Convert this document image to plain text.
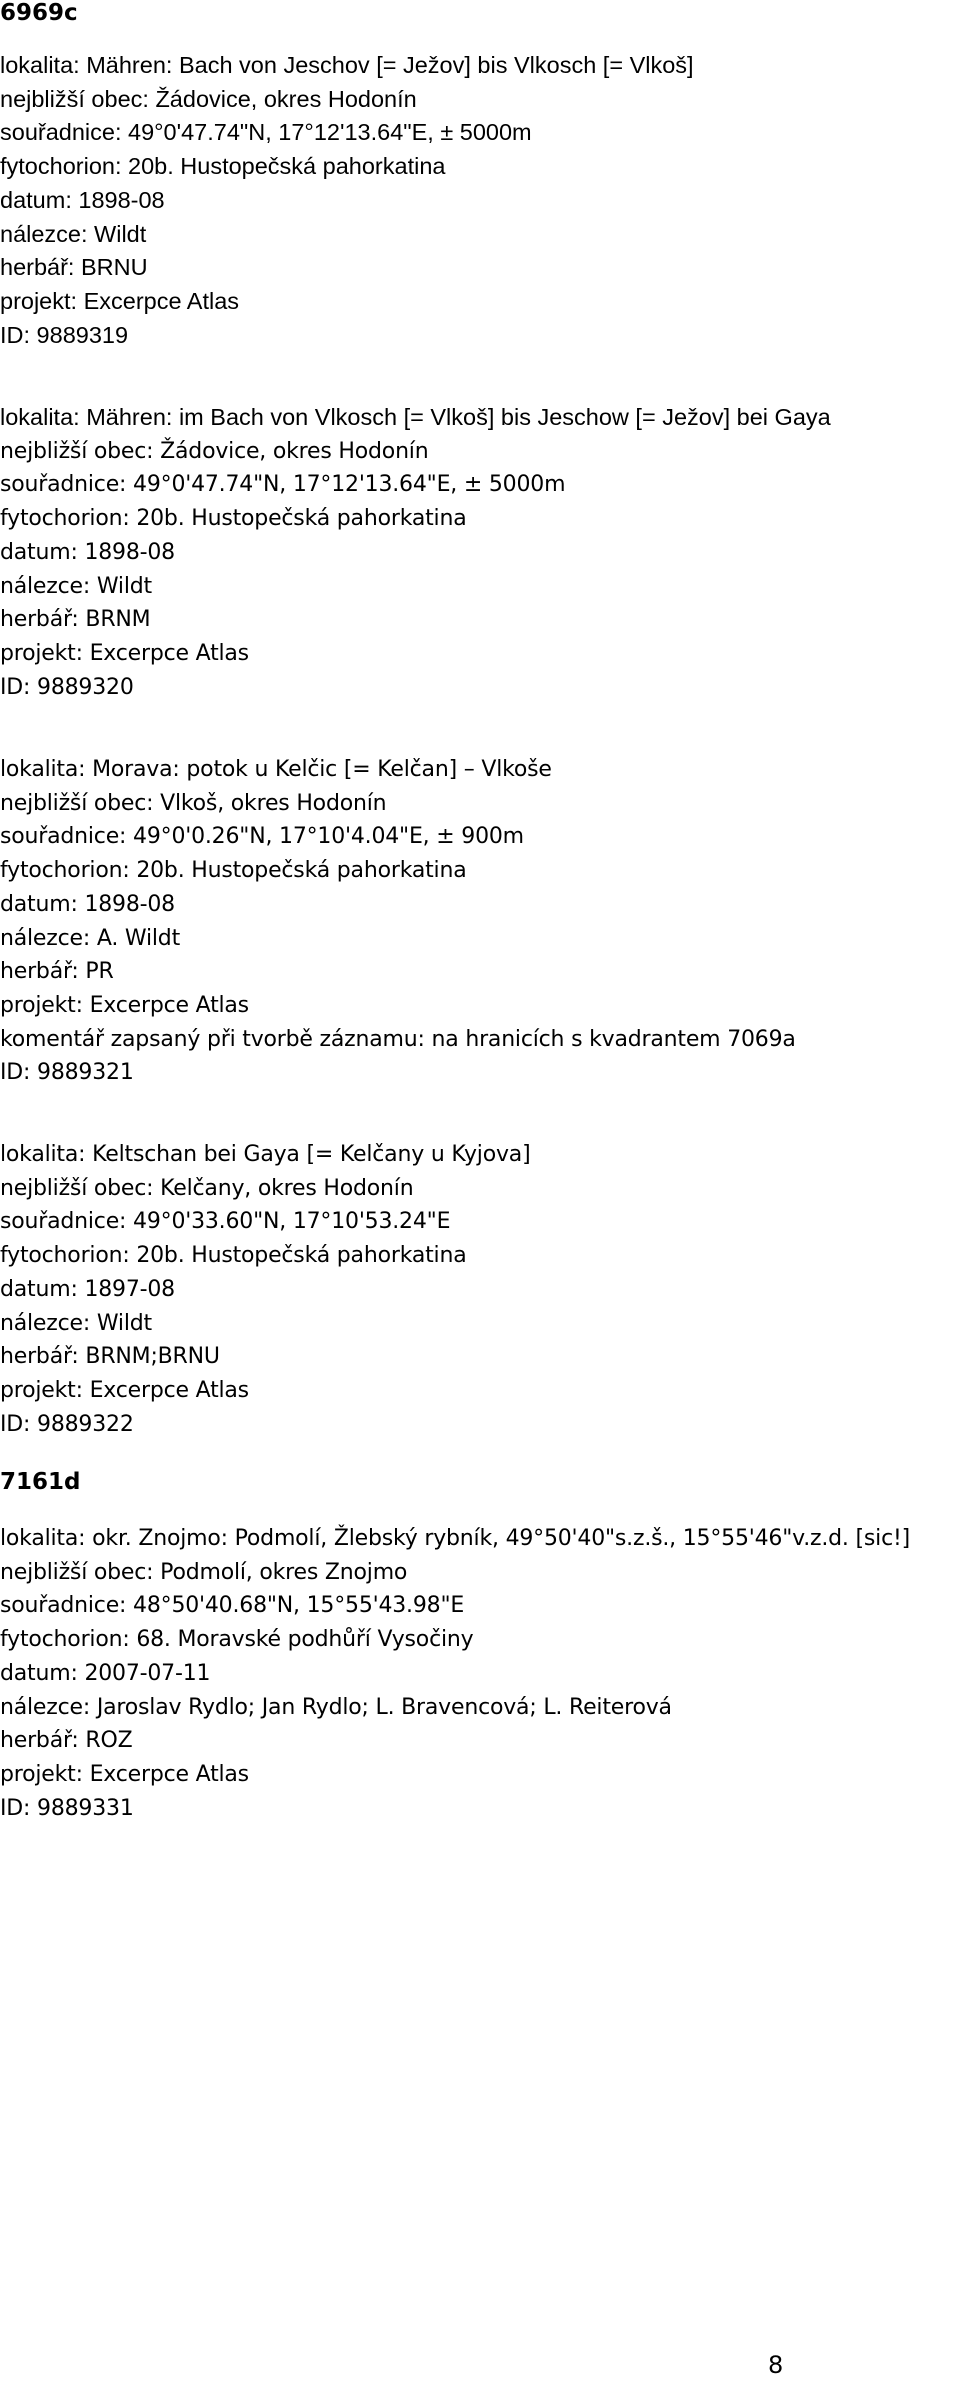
6969c
lokalita: Mähren: Bach von Jeschov [= Ježov] bis Vlkosch [= Vlkoš]
nejbližší obec: Žádovice, okres Hodonín
souřadnice: 49°0'47.74"N, 17°12'13.64"E, ± 5000m
fytochorion: 20b. Hustopečská pahorkatina
datum: 1898-08
nálezce: Wildt
herbář: BRNU
projekt: Excerpce Atlas
ID: 9889319
lokalita: Mähren: im Bach von Vlkosch [= Vlkoš] bis Jeschow [= Ježov] bei Gaya
nejbližší obec: Žádovice, okres Hodonín
souřadnice: 49°0'47.74"N, 17°12'13.64"E, ± 5000m
fytochorion: 20b. Hustopečská pahorkatina
datum: 1898-08
nálezce: Wildt
herbář: BRNM
projekt: Excerpce Atlas
ID: 9889320
lokalita: Morava: potok u Kelčic [= Kelčan] – Vlkoše
nejbližší obec: Vlkoš, okres Hodonín
souřadnice: 49°0'0.26"N, 17°10'4.04"E, ± 900m
fytochorion: 20b. Hustopečská pahorkatina
datum: 1898-08
nálezce: A. Wildt
herbář: PR
projekt: Excerpce Atlas
komentář zapsaný při tvorbě záznamu: na hranicích s kvadrantem 7069a
ID: 9889321
lokalita: Keltschan bei Gaya [= Kelčany u Kyjova]
nejbližší obec: Kelčany, okres Hodonín
souřadnice: 49°0'33.60"N, 17°10'53.24"E
fytochorion: 20b. Hustopečská pahorkatina
datum: 1897-08
nálezce: Wildt
herbář: BRNM;BRNU
projekt: Excerpce Atlas
ID: 9889322
7161d
lokalita: okr. Znojmo: Podmolí, Žlebský rybník, 49°50'40"s.z.š., 15°55'46"v.z.d. [sic!]
nejbližší obec: Podmolí, okres Znojmo
souřadnice: 48°50'40.68"N, 15°55'43.98"E
fytochorion: 68. Moravské podhůří Vysočiny
datum: 2007-07-11
nálezce: Jaroslav Rydlo; Jan Rydlo; L. Bravencová; L. Reiterová
herbář: ROZ
projekt: Excerpce Atlas
ID: 9889331
8
